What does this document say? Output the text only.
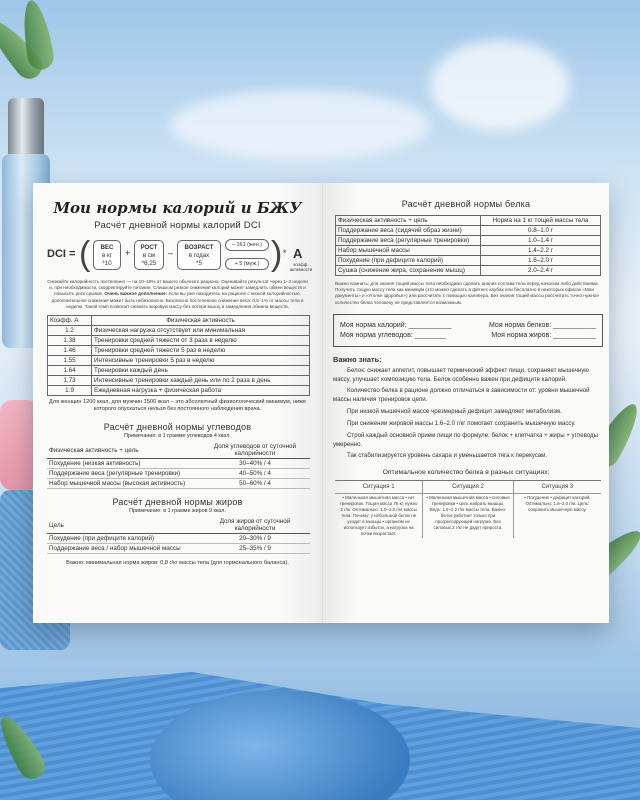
Мои нормы калорий и БЖУ
Расчёт дневной нормы калорий DCI
DCI = (	ВЕС
в кг
*10
+
РОСТ
в см
*6,25
–
ВОЗРАСТ
в годах
*5
– 161 (жен.)
+ 5 (муж.) ) * A
коэфф. активности
Снижайте калорийность постепенно — на 10–15% от вашего обычного рациона. Оценивайте результат через 1–2 недели и, при необходимости, скорректируйте питание. Слишком резкое снижение калорий может замедлить обмен веществ и повысить риск срывов. Очень важное дополнение: если вы уже находитесь на рационе с низкой калорийностью, дополнительное снижение может быть небезопасно. Безопасно постепенное снижение веса: 0,5–1% от массы тела в неделю. Такой темп позволит снижать жировую массу без потери мышц и замедления обмена веществ.
Коэфф. A	Физическая активность
1.2	Физическая нагрузка отсутствует или минимальная
1.38	Тренировки средней тяжести от 3 раза в неделю
1.46	Тренировки средней тяжести 5 раз в неделю
1.55	Интенсивные тренировки 5 раз в неделю
1.64	Тренировки каждый день
1.73	Интенсивные тренировки каждый день или по 2 раза в день
1.9	Ежедневная нагрузка + физическая работа
Для женщин 1200 ккал, для мужчин 1500 ккал – это абсолютный физиологический минимум, ниже которого опускаться нельзя без постоянного наблюдения врача.
Расчёт дневной нормы углеводов
Примечание: в 1 грамме углеводов 4 ккал.
Физическая активность + цель	Доля углеводов от суточной калорийности
Похудение (низкая активность)	30–40% / 4
Поддержание веса (регулярные тренировки)	40–50% / 4
Набор мышечной массы (высокая активность)	50–60% / 4
Расчёт дневной нормы жиров
Примечание: в 1 грамме жиров 9 ккал.
Цель	Доля жиров от суточной калорийности
Похудение (при дефиците калорий)	20–30% / 9
Поддержание веса / набор мышечной массы	25–35% / 9
Важно: минимальная норма жиров: 0,8 г/кг массы тела (для гормонального баланса).
Расчёт дневной нормы белка
Физическая активность + цель	Норма на 1 кг тощей массы тела
Поддержание веса (сидячий образ жизни)	0.8–1.0 г
Поддержание веса (регулярные тренировки)	1.0–1.4 г
Набор мышечной массы	1.4–2.2 г
Похудение (при дефиците калорий)	1.6–2.0 г
Сушка (снижение жира, сохранение мышц)	2.0–2.4 г
Важно помнить: для знания тощей массы тела необходимо сделать анализ состава тела перед началом либо действиями. Получить тощую массу тела как минимум (это можно сделать в фитнес клубах или бесплатно в некоторых офисах «Мои документы» и «Уголке здоровья») или рассчитать с помощью калипера. Без знания тощей массы рассчитать точно нужное количество белка человеку не представляется возможным.
Моя норма калорий: ___________	Моя норма белков: ___________
Моя норма углеводов: ________	Моя норма жиров: ___________
Важно знать:

Белок: снижает аппетит, повышает термический эффект пищи, сохраняет мышечную массу, улучшает композицию тела. Белок особенно важен при дефиците калорий.

Количество белка в рационе должно отличаться в зависимости от: уровня мышечной массы наличия тренировок цели.

При низкой мышечной массе чрезмерный дефицит замедляет метаболизм.

При снижении жировой массы 1.6–2.0 г/кг помогает сохранить мышечную массу.

Строй каждый основной прием пищи по формуле: белок + клетчатка + жиры + углеводы умеренно.

Так стабилизируется уровень сахара и уменьшается тяга к перекусам.

Оптимальное количество белка в разных ситуациях:
Ситуация 1	Ситуация 2	Ситуация 3
• Маленькая мышечная масса • нет тренировок. Тощая масса 75 кг, нужно 2 г/кг. Оптимально: 1.0–1.2 г/кг массы тела. Почему: у небольшой белок не уходит в мышцы • организм не использует избыток, а нагрузка на почки возрастает.	• Маленькая мышечная масса • силовые тренировки • цель набрать мышцы. Ведь: 1.6–2.2 г/кг массы тела. Важно: белок работает только при прогрессирующей нагрузке. Без силовых 2 г/кг не дадут прироста.	• Похудение • дефицит калорий. Оптимально: 1.6–2.0 г/кг. Цель: сохранить мышечную массу.
